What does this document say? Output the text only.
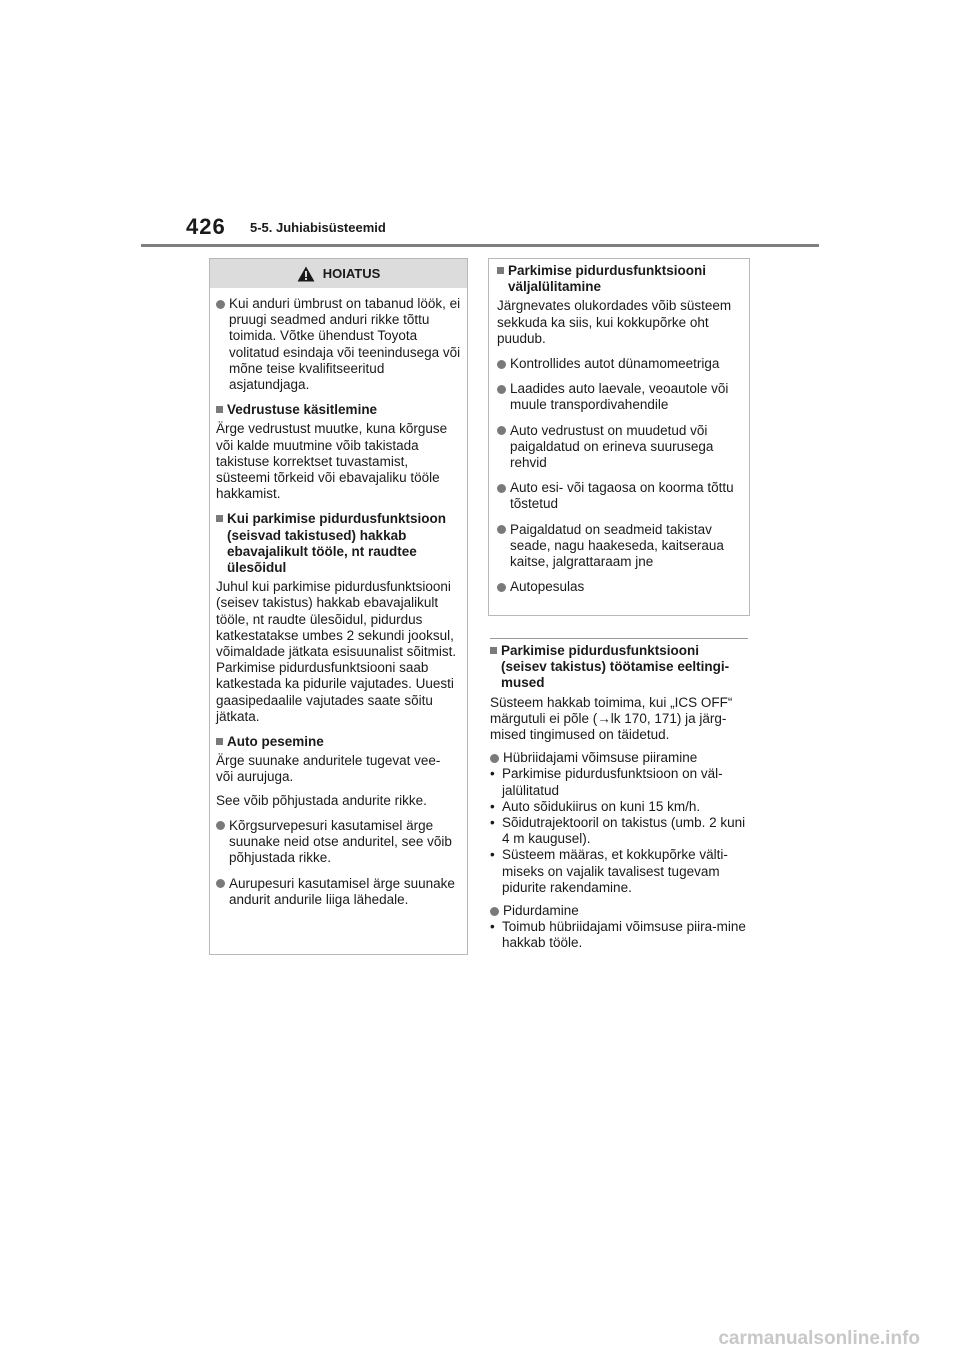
426 5-5. Juhiabisüsteemid
HOIATUS
Kui anduri ümbrust on tabanud löök, ei pruugi seadmed anduri rikke tõttu toimida. Võtke ühendust Toyota volitatud esindaja või teenindusega või mõne teise kvalifitseeritud asjatundjaga.
Vedrustuse käsitlemine

Ärge vedrustust muutke, kuna kõrguse või kalde muutmine võib takistada takistuse korrektset tuvastamist, süsteemi tõrkeid või ebavajaliku tööle hakkamist.

Kui parkimise pidurdusfunktsioon (seisvad takistused) hakkab ebavajalikult tööle, nt raudtee ülesõidul

Juhul kui parkimise pidurdusfunktsiooni (seisev takistus) hakkab ebavajalikult tööle, nt raudte ülesõidul, pidurdus katkestatakse umbes 2 sekundi jooksul, võimaldade jätkata esisuunalist sõitmist. Parkimise pidurdusfunktsiooni saab katkestada ka pidurile vajutades. Uuesti gaasipedaalile vajutades saate sõitu jätkata.

Auto pesemine

Ärge suunake anduritele tugevat vee- või aurujuga.

See võib põhjustada andurite rikke.

Kõrgsurvepesuri kasutamisel ärge suunake neid otse anduritel, see võib põhjustada rikke.
Aurupesuri kasutamisel ärge suunake andurit andurile liiga lähedale.
Parkimise pidurdusfunktsiooni väljalülitamine

Järgnevates olukordades võib süsteem sekkuda ka siis, kui kokkupõrke oht puudub.

Kontrollides autot dünamomeetriga
Laadides auto laevale, veoautole või muule transpordivahendile
Auto vedrustust on muudetud või paigaldatud on erineva suurusega rehvid
Auto esi- või tagaosa on koorma tõttu tõstetud
Paigaldatud on seadmeid takistav seade, nagu haakeseda, kaitseraua kaitse, jalgrattaraam jne
Autopesulas
Parkimise pidurdusfunktsiooni (seisev takistus) töötamise eeltingi-mused

Süsteem hakkab toimima, kui „ICS OFF“ märgutuli ei põle (→lk 170, 171) ja järg-mised tingimused on täidetud.

Hübriidajami võimsuse piiramine
• Parkimise pidurdusfunktsioon on väl-jalülitatud
• Auto sõidukiirus on kuni 15 km/h.
• Sõidutrajektooril on takistus (umb. 2 kuni 4 m kaugusel).
• Süsteem määras, et kokkupõrke välti-miseks on vajalik tavalisest tugevam pidurite rakendamine.
Pidurdamine
• Toimub hübriidajami võimsuse piira-mine hakkab tööle.
carmanualsonline.info
